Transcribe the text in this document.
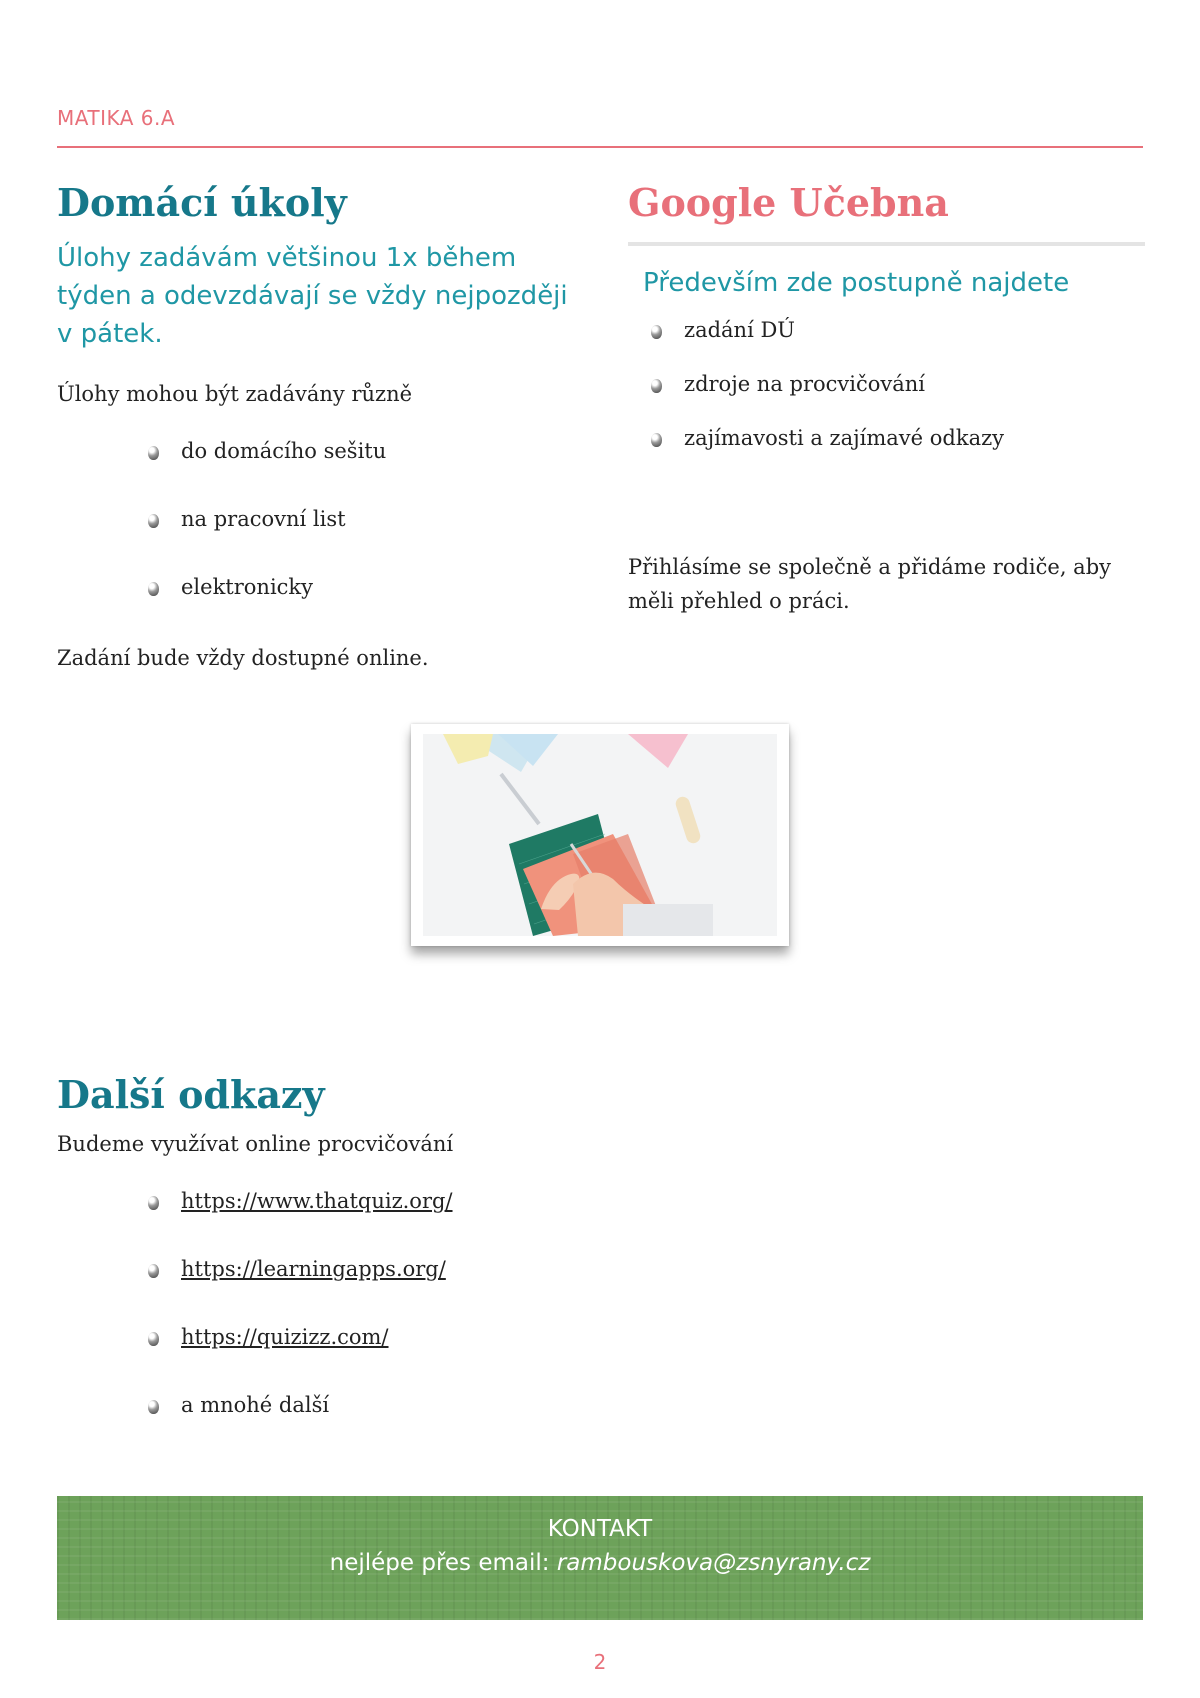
MATIKA 6.A
Domácí úkoly

Úlohy zadávám většinou 1x během týden a odevzdávají se vždy nejpozději v pátek.

Úlohy mohou být zadávány různě

do domácího sešitu
na pracovní list
elektronicky

Zadání bude vždy dostupné online.

Google Učebna

Především zde postupně najdete

zadání DÚ
zdroje na procvičování
zajímavosti a zajímavé odkazy

Přihlásíme se společně a přidáme rodiče, aby měli přehled o práci.

Další odkazy

Budeme využívat online procvičování

https://www.thatquiz.org/
https://learningapps.org/
https://quizizz.com/
a mnohé další
KONTAKT
nejlépe přes email: rambouskova@zsnyrany.cz
2
